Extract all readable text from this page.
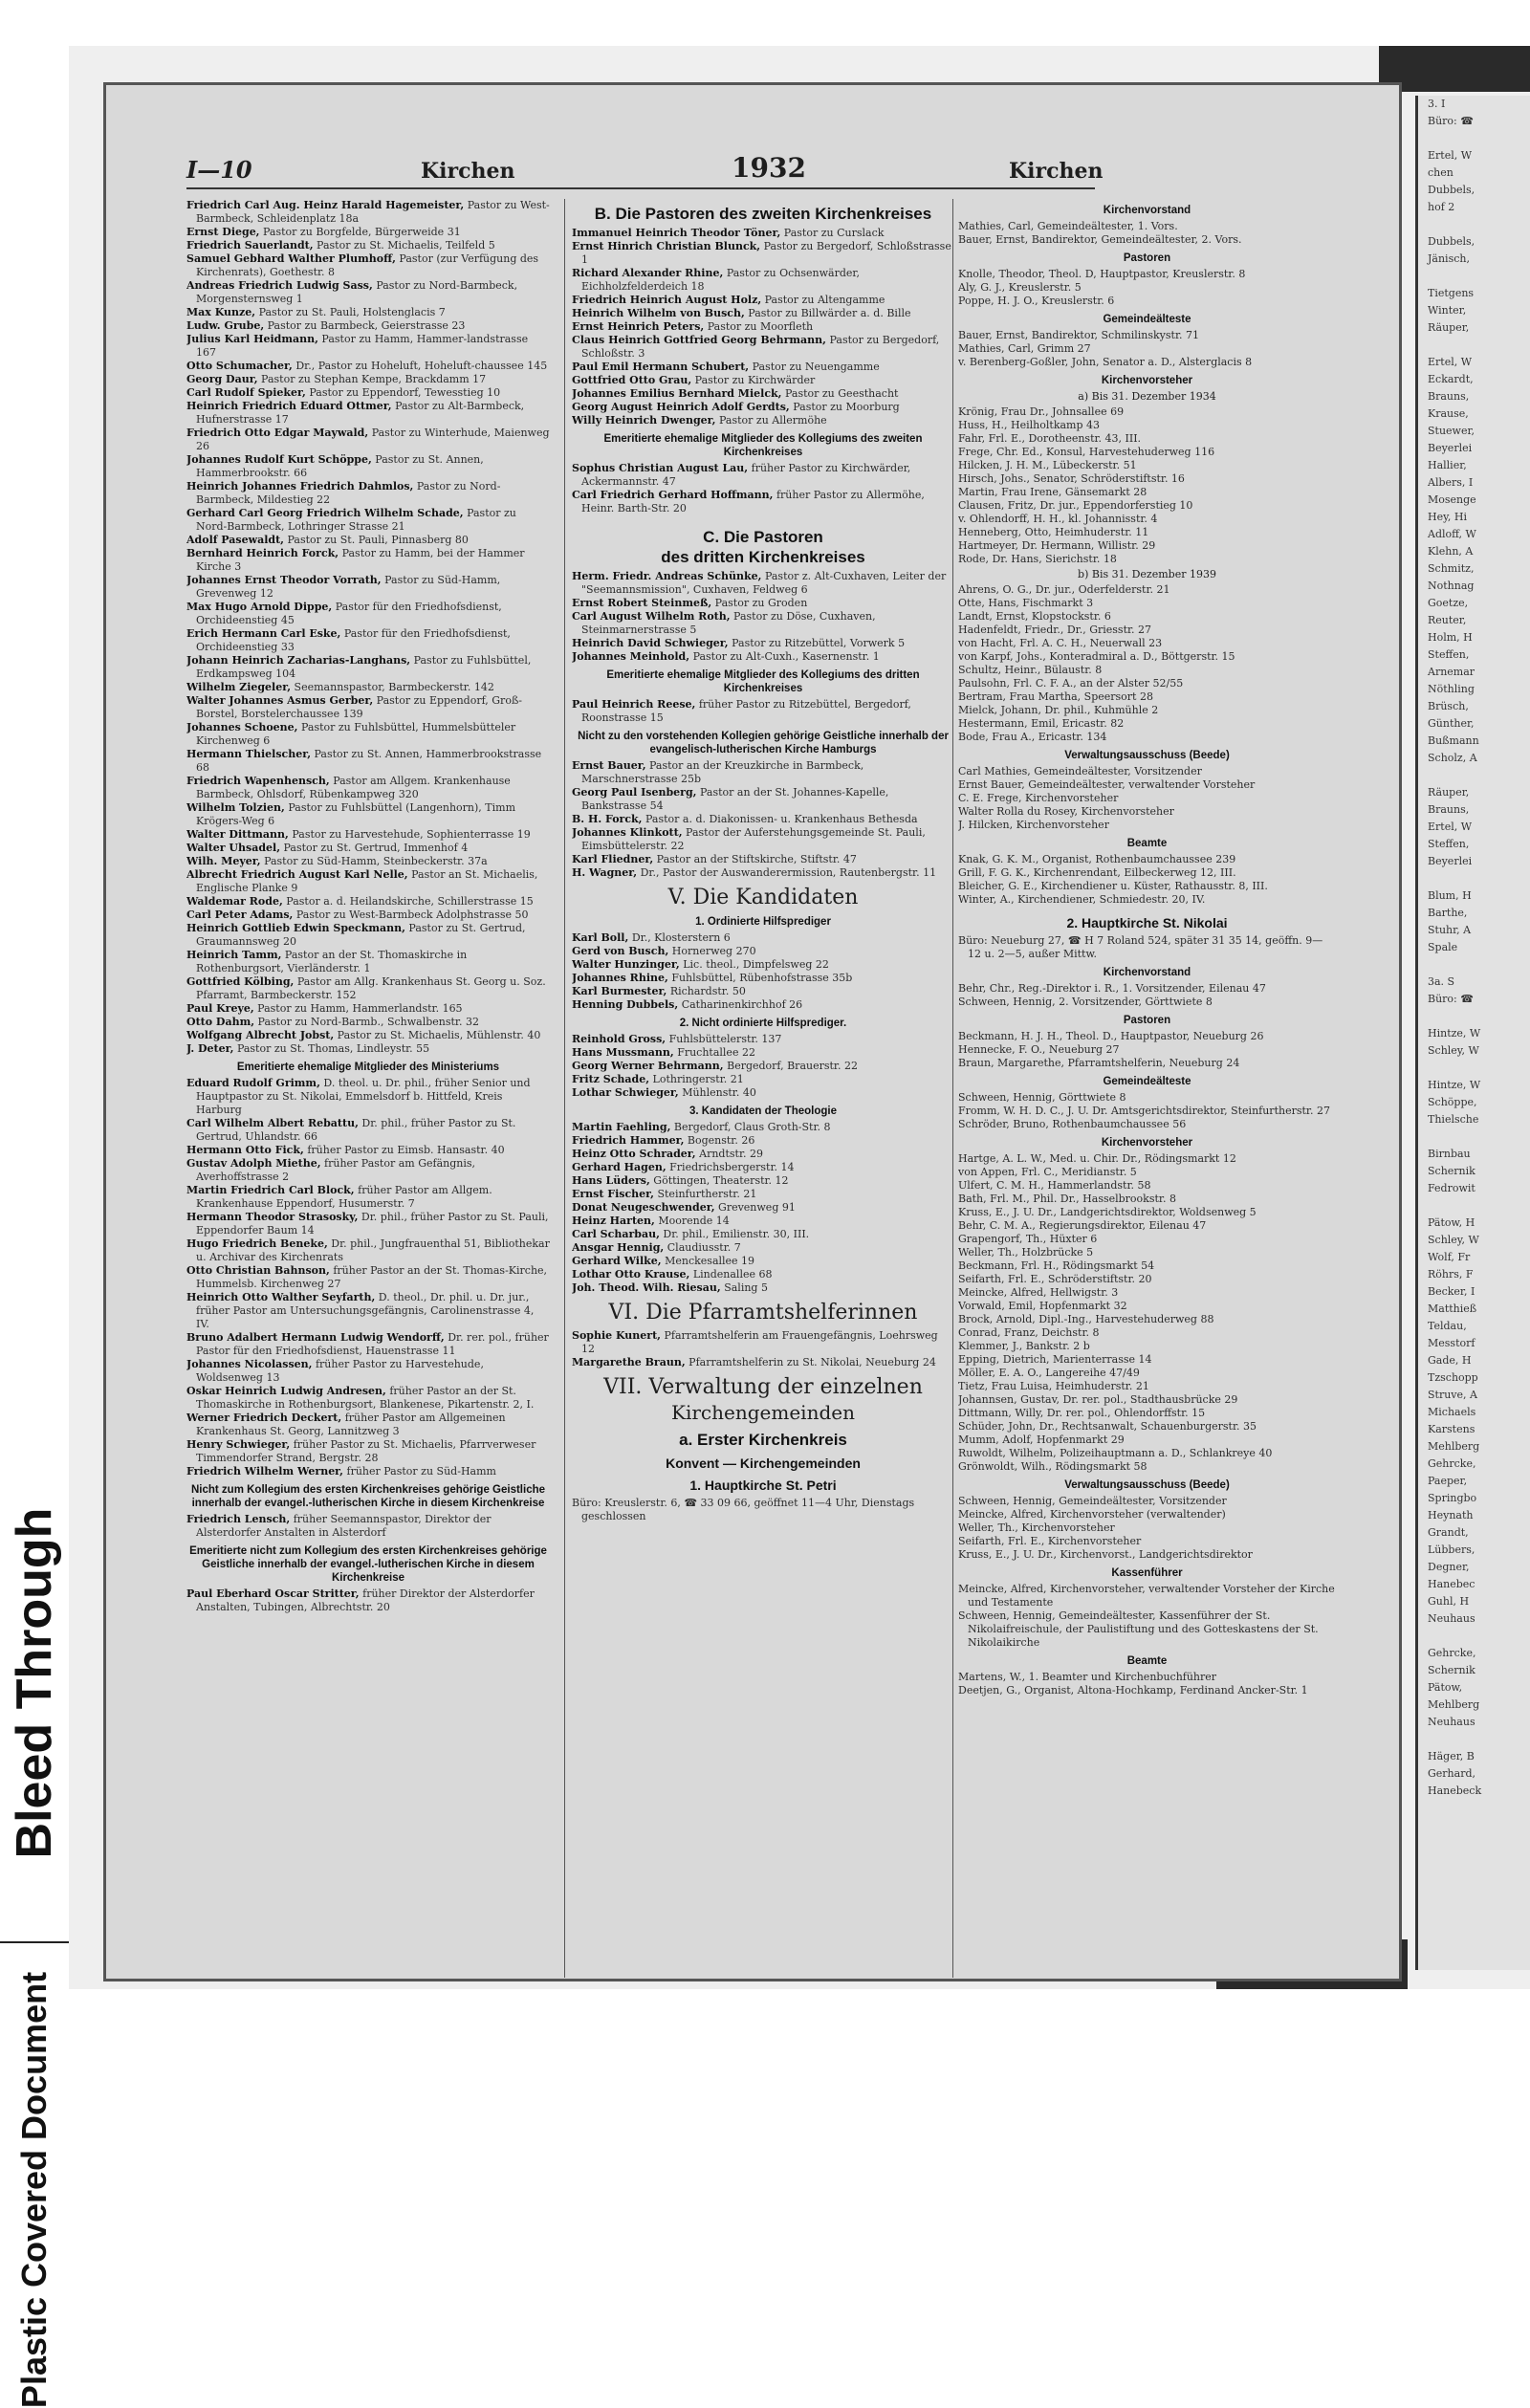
Bleed Through
Plastic Covered Document
3. I
Büro: ☎

Ertel, W
chen
Dubbels,
hof 2

Dubbels,
Jänisch,

Tietgens
Winter,
Räuper,

Ertel, W
Eckardt,
Brauns,
Krause,
Stuewer,
Beyerlei
Hallier,
Albers, I
Mosenge
Hey, Hi
Adloff, W
Klehn, A
Schmitz,
Nothnag
Goetze,
Reuter,
Holm, H
Steffen,
Arnemar
Nöthling
Brüsch,
Günther,
Bußmann
Scholz, A

Räuper,
Brauns,
Ertel, W
Steffen,
Beyerlei

Blum, H
Barthe,
Stuhr, A
Spale

3a. S
Büro: ☎

Hintze, W
Schley, W

Hintze, W
Schöppe,
Thielsche

Birnbau
Schernik
Fedrowit

Pätow, H
Schley, W
Wolf, Fr
Röhrs, F
Becker, I
Matthieß
Teldau,
Messtorf
Gade, H
Tzschopp
Struve, A
Michaels
Karstens
Mehlberg
Gehrcke,
Paeper,
Springbo
Heynath
Grandt,
Lübbers,
Degner,
Hanebec
Guhl, H
Neuhaus

Gehrcke,
Schernik
Pätow,
Mehlberg
Neuhaus

Häger, B
Gerhard,
Hanebeck
I—10	Kirchen	1932	Kirchen

Friedrich Carl Aug. Heinz Harald Hagemeister, Pastor zu West-Barmbeck, Schleidenplatz 18a

Ernst Diege, Pastor zu Borgfelde, Bürgerweide 31

Friedrich Sauerlandt, Pastor zu St. Michaelis, Teilfeld 5

Samuel Gebhard Walther Plumhoff, Pastor (zur Verfügung des Kirchenrats), Goethestr. 8

Andreas Friedrich Ludwig Sass, Pastor zu Nord-Barmbeck, Morgensternsweg 1

Max Kunze, Pastor zu St. Pauli, Holstenglacis 7

Ludw. Grube, Pastor zu Barmbeck, Geierstrasse 23

Julius Karl Heidmann, Pastor zu Hamm, Hammer-landstrasse 167

Otto Schumacher, Dr., Pastor zu Hoheluft, Hoheluft-chaussee 145

Georg Daur, Pastor zu Stephan Kempe, Brackdamm 17

Carl Rudolf Spieker, Pastor zu Eppendorf, Tewesstieg 10

Heinrich Friedrich Eduard Ottmer, Pastor zu Alt-Barmbeck, Hufnerstrasse 17

Friedrich Otto Edgar Maywald, Pastor zu Winterhude, Maienweg 26

Johannes Rudolf Kurt Schöppe, Pastor zu St. Annen, Hammerbrookstr. 66

Heinrich Johannes Friedrich Dahmlos, Pastor zu Nord-Barmbeck, Mildestieg 22

Gerhard Carl Georg Friedrich Wilhelm Schade, Pastor zu Nord-Barmbeck, Lothringer Strasse 21

Adolf Pasewaldt, Pastor zu St. Pauli, Pinnasberg 80

Bernhard Heinrich Forck, Pastor zu Hamm, bei der Hammer Kirche 3

Johannes Ernst Theodor Vorrath, Pastor zu Süd-Hamm, Grevenweg 12

Max Hugo Arnold Dippe, Pastor für den Friedhofsdienst, Orchideenstieg 45

Erich Hermann Carl Eske, Pastor für den Friedhofsdienst, Orchideenstieg 33

Johann Heinrich Zacharias-Langhans, Pastor zu Fuhlsbüttel, Erdkampsweg 104

Wilhelm Ziegeler, Seemannspastor, Barmbeckerstr. 142

Walter Johannes Asmus Gerber, Pastor zu Eppendorf, Groß-Borstel, Borstelerchaussee 139

Johannes Schoene, Pastor zu Fuhlsbüttel, Hummelsbütteler Kirchenweg 6

Hermann Thielscher, Pastor zu St. Annen, Hammerbrookstrasse 68

Friedrich Wapenhensch, Pastor am Allgem. Krankenhause Barmbeck, Ohlsdorf, Rübenkampweg 320

Wilhelm Tolzien, Pastor zu Fuhlsbüttel (Langenhorn), Timm Krögers-Weg 6

Walter Dittmann, Pastor zu Harvestehude, Sophienterrasse 19

Walter Uhsadel, Pastor zu St. Gertrud, Immenhof 4

Wilh. Meyer, Pastor zu Süd-Hamm, Steinbeckerstr. 37a

Albrecht Friedrich August Karl Nelle, Pastor an St. Michaelis, Englische Planke 9

Waldemar Rode, Pastor a. d. Heilandskirche, Schillerstrasse 15

Carl Peter Adams, Pastor zu West-Barmbeck Adolphstrasse 50

Heinrich Gottlieb Edwin Speckmann, Pastor zu St. Gertrud, Graumannsweg 20

Heinrich Tamm, Pastor an der St. Thomaskirche in Rothenburgsort, Vierländerstr. 1

Gottfried Kölbing, Pastor am Allg. Krankenhaus St. Georg u. Soz. Pfarramt, Barmbeckerstr. 152

Paul Kreye, Pastor zu Hamm, Hammerlandstr. 165

Otto Dahm, Pastor zu Nord-Barmb., Schwalbenstr. 32

Wolfgang Albrecht Jobst, Pastor zu St. Michaelis, Mühlenstr. 40

J. Deter, Pastor zu St. Thomas, Lindleystr. 55

Emeritierte ehemalige Mitglieder des Ministeriums

Eduard Rudolf Grimm, D. theol. u. Dr. phil., früher Senior und Hauptpastor zu St. Nikolai, Emmelsdorf b. Hittfeld, Kreis Harburg

Carl Wilhelm Albert Rebattu, Dr. phil., früher Pastor zu St. Gertrud, Uhlandstr. 66

Hermann Otto Fick, früher Pastor zu Eimsb. Hansastr. 40

Gustav Adolph Miethe, früher Pastor am Gefängnis, Averhoffstrasse 2

Martin Friedrich Carl Block, früher Pastor am Allgem. Krankenhause Eppendorf, Husumerstr. 7

Hermann Theodor Strasosky, Dr. phil., früher Pastor zu St. Pauli, Eppendorfer Baum 14

Hugo Friedrich Beneke, Dr. phil., Jungfrauenthal 51, Bibliothekar u. Archivar des Kirchenrats

Otto Christian Bahnson, früher Pastor an der St. Thomas-Kirche, Hummelsb. Kirchenweg 27

Heinrich Otto Walther Seyfarth, D. theol., Dr. phil. u. Dr. jur., früher Pastor am Untersuchungsgefängnis, Carolinenstrasse 4, IV.

Bruno Adalbert Hermann Ludwig Wendorff, Dr. rer. pol., früher Pastor für den Friedhofsdienst, Hauenstrasse 11

Johannes Nicolassen, früher Pastor zu Harvestehude, Woldsenweg 13

Oskar Heinrich Ludwig Andresen, früher Pastor an der St. Thomaskirche in Rothenburgsort, Blankenese, Pikartenstr. 2, I.

Werner Friedrich Deckert, früher Pastor am Allgemeinen Krankenhaus St. Georg, Lannitzweg 3

Henry Schwieger, früher Pastor zu St. Michaelis, Pfarrverweser Timmendorfer Strand, Bergstr. 28

Friedrich Wilhelm Werner, früher Pastor zu Süd-Hamm

Nicht zum Kollegium des ersten Kirchenkreises gehörige Geistliche innerhalb der evangel.-lutherischen Kirche in diesem Kirchenkreise

Friedrich Lensch, früher Seemannspastor, Direktor der Alsterdorfer Anstalten in Alsterdorf

Emeritierte nicht zum Kollegium des ersten Kirchenkreises gehörige Geistliche innerhalb der evangel.-lutherischen Kirche in diesem Kirchenkreise

Paul Eberhard Oscar Stritter, früher Direktor der Alsterdorfer Anstalten, Tubingen, Albrechtstr. 20

B. Die Pastoren des zweiten Kirchenkreises

Immanuel Heinrich Theodor Töner, Pastor zu Curslack

Ernst Hinrich Christian Blunck, Pastor zu Bergedorf, Schloßstrasse 1

Richard Alexander Rhine, Pastor zu Ochsenwärder, Eichholzfelderdeich 18

Friedrich Heinrich August Holz, Pastor zu Altengamme

Heinrich Wilhelm von Busch, Pastor zu Billwärder a. d. Bille

Ernst Heinrich Peters, Pastor zu Moorfleth

Claus Heinrich Gottfried Georg Behrmann, Pastor zu Bergedorf, Schloßstr. 3

Paul Emil Hermann Schubert, Pastor zu Neuengamme

Gottfried Otto Grau, Pastor zu Kirchwärder

Johannes Emilius Bernhard Mielck, Pastor zu Geesthacht

Georg August Heinrich Adolf Gerdts, Pastor zu Moorburg

Willy Heinrich Dwenger, Pastor zu Allermöhe

Emeritierte ehemalige Mitglieder des Kollegiums des zweiten Kirchenkreises

Sophus Christian August Lau, früher Pastor zu Kirchwärder, Ackermannstr. 47

Carl Friedrich Gerhard Hoffmann, früher Pastor zu Allermöhe, Heinr. Barth-Str. 20

C. Die Pastoren
des dritten Kirchenkreises

Herm. Friedr. Andreas Schünke, Pastor z. Alt-Cuxhaven, Leiter der "Seemannsmission", Cuxhaven, Feldweg 6

Ernst Robert Steinmeß, Pastor zu Groden

Carl August Wilhelm Roth, Pastor zu Döse, Cuxhaven, Steinmarnerstrasse 5

Heinrich David Schwieger, Pastor zu Ritzebüttel, Vorwerk 5

Johannes Meinhold, Pastor zu Alt-Cuxh., Kasernenstr. 1

Emeritierte ehemalige Mitglieder des Kollegiums des dritten Kirchenkreises

Paul Heinrich Reese, früher Pastor zu Ritzebüttel, Bergedorf, Roonstrasse 15

Nicht zu den vorstehenden Kollegien gehörige Geistliche innerhalb der evangelisch-lutherischen Kirche Hamburgs

Ernst Bauer, Pastor an der Kreuzkirche in Barmbeck, Marschnerstrasse 25b

Georg Paul Isenberg, Pastor an der St. Johannes-Kapelle, Bankstrasse 54

B. H. Forck, Pastor a. d. Diakonissen- u. Krankenhaus Bethesda

Johannes Klinkott, Pastor der Auferstehungsgemeinde St. Pauli, Eimsbüttelerstr. 22

Karl Fliedner, Pastor an der Stiftskirche, Stiftstr. 47

H. Wagner, Dr., Pastor der Auswanderermission, Rautenbergstr. 11

V. Die Kandidaten
1. Ordinierte Hilfsprediger

Karl Boll, Dr., Klosterstern 6

Gerd von Busch, Hornerweg 270

Walter Hunzinger, Lic. theol., Dimpfelsweg 22

Johannes Rhine, Fuhlsbüttel, Rübenhofstrasse 35b

Karl Burmester, Richardstr. 50

Henning Dubbels, Catharinenkirchhof 26

2. Nicht ordinierte Hilfsprediger.

Reinhold Gross, Fuhlsbüttelerstr. 137

Hans Mussmann, Fruchtallee 22

Georg Werner Behrmann, Bergedorf, Brauerstr. 22

Fritz Schade, Lothringerstr. 21

Lothar Schwieger, Mühlenstr. 40

3. Kandidaten der Theologie

Martin Faehling, Bergedorf, Claus Groth-Str. 8

Friedrich Hammer, Bogenstr. 26

Heinz Otto Schrader, Arndtstr. 29

Gerhard Hagen, Friedrichsbergerstr. 14

Hans Lüders, Göttingen, Theaterstr. 12

Ernst Fischer, Steinfurtherstr. 21

Donat Neugeschwender, Grevenweg 91

Heinz Harten, Moorende 14

Carl Scharbau, Dr. phil., Emilienstr. 30, III.

Ansgar Hennig, Claudiusstr. 7

Gerhard Wilke, Menckesallee 19

Lothar Otto Krause, Lindenallee 68

Joh. Theod. Wilh. Riesau, Saling 5

VI. Die Pfarramtshelferinnen

Sophie Kunert, Pfarramtshelferin am Frauengefängnis, Loehrsweg 12

Margarethe Braun, Pfarramtshelferin zu St. Nikolai, Neueburg 24

VII. Verwaltung der einzelnen
Kirchengemeinden
a. Erster Kirchenkreis
Konvent — Kirchengemeinden
1. Hauptkirche St. Petri

Büro: Kreuslerstr. 6, ☎ 33 09 66, geöffnet 11—4 Uhr, Dienstags geschlossen

Kirchenvorstand

Mathies, Carl, Gemeindeältester, 1. Vors.

Bauer, Ernst, Bandirektor, Gemeindeältester, 2. Vors.

Pastoren

Knolle, Theodor, Theol. D, Hauptpastor, Kreuslerstr. 8

Aly, G. J., Kreuslerstr. 5

Poppe, H. J. O., Kreuslerstr. 6

Gemeindeälteste

Bauer, Ernst, Bandirektor, Schmilinskystr. 71

Mathies, Carl, Grimm 27

v. Berenberg-Goßler, John, Senator a. D., Alsterglacis 8

Kirchenvorsteher
a) Bis 31. Dezember 1934

Krönig, Frau Dr., Johnsallee 69

Huss, H., Heilholtkamp 43

Fahr, Frl. E., Dorotheenstr. 43, III.

Frege, Chr. Ed., Konsul, Harvestehuderweg 116

Hilcken, J. H. M., Lübeckerstr. 51

Hirsch, Johs., Senator, Schröderstiftstr. 16

Martin, Frau Irene, Gänsemarkt 28

Clausen, Fritz, Dr. jur., Eppendorferstieg 10

v. Ohlendorff, H. H., kl. Johannisstr. 4

Henneberg, Otto, Heimhuderstr. 11

Hartmeyer, Dr. Hermann, Willistr. 29

Rode, Dr. Hans, Sierichstr. 18

b) Bis 31. Dezember 1939

Ahrens, O. G., Dr. jur., Oderfelderstr. 21

Otte, Hans, Fischmarkt 3

Landt, Ernst, Klopstockstr. 6

Hadenfeldt, Friedr., Dr., Griesstr. 27

von Hacht, Frl. A. C. H., Neuerwall 23

von Karpf, Johs., Konteradmiral a. D., Böttgerstr. 15

Schultz, Heinr., Bülaustr. 8

Paulsohn, Frl. C. F. A., an der Alster 52/55

Bertram, Frau Martha, Speersort 28

Mielck, Johann, Dr. phil., Kuhmühle 2

Hestermann, Emil, Ericastr. 82

Bode, Frau A., Ericastr. 134

Verwaltungsausschuss (Beede)

Carl Mathies, Gemeindeältester, Vorsitzender

Ernst Bauer, Gemeindeältester, verwaltender Vorsteher

C. E. Frege, Kirchenvorsteher

Walter Rolla du Rosey, Kirchenvorsteher

J. Hilcken, Kirchenvorsteher

Beamte

Knak, G. K. M., Organist, Rothenbaumchaussee 239

Grill, F. G. K., Kirchenrendant, Eilbeckerweg 12, III.

Bleicher, G. E., Kirchendiener u. Küster, Rathausstr. 8, III.

Winter, A., Kirchendiener, Schmiedestr. 20, IV.

2. Hauptkirche St. Nikolai

Büro: Neueburg 27, ☎ H 7 Roland 524, später 31 35 14, geöffn. 9—12 u. 2—5, außer Mittw.

Kirchenvorstand

Behr, Chr., Reg.-Direktor i. R., 1. Vorsitzender, Eilenau 47

Schween, Hennig, 2. Vorsitzender, Görttwiete 8

Pastoren

Beckmann, H. J. H., Theol. D., Hauptpastor, Neueburg 26

Hennecke, F. O., Neueburg 27

Braun, Margarethe, Pfarramtshelferin, Neueburg 24

Gemeindeälteste

Schween, Hennig, Görttwiete 8

Fromm, W. H. D. C., J. U. Dr. Amtsgerichtsdirektor, Steinfurtherstr. 27

Schröder, Bruno, Rothenbaumchaussee 56

Kirchenvorsteher

Hartge, A. L. W., Med. u. Chir. Dr., Rödingsmarkt 12

von Appen, Frl. C., Meridianstr. 5

Ulfert, C. M. H., Hammerlandstr. 58

Bath, Frl. M., Phil. Dr., Hasselbrookstr. 8

Kruss, E., J. U. Dr., Landgerichtsdirektor, Woldsenweg 5

Behr, C. M. A., Regierungsdirektor, Eilenau 47

Grapengorf, Th., Hüxter 6

Weller, Th., Holzbrücke 5

Beckmann, Frl. H., Rödingsmarkt 54

Seifarth, Frl. E., Schröderstiftstr. 20

Meincke, Alfred, Hellwigstr. 3

Vorwald, Emil, Hopfenmarkt 32

Brock, Arnold, Dipl.-Ing., Harvestehuderweg 88

Conrad, Franz, Deichstr. 8

Klemmer, J., Bankstr. 2 b

Epping, Dietrich, Marienterrasse 14

Möller, E. A. O., Langereihe 47/49

Tietz, Frau Luisa, Heimhuderstr. 21

Johannsen, Gustav, Dr. rer. pol., Stadthausbrücke 29

Dittmann, Willy, Dr. rer. pol., Ohlendorffstr. 15

Schüder, John, Dr., Rechtsanwalt, Schauenburgerstr. 35

Mumm, Adolf, Hopfenmarkt 29

Ruwoldt, Wilhelm, Polizeihauptmann a. D., Schlankreye 40

Grönwoldt, Wilh., Rödingsmarkt 58

Verwaltungsausschuss (Beede)

Schween, Hennig, Gemeindeältester, Vorsitzender

Meincke, Alfred, Kirchenvorsteher (verwaltender)

Weller, Th., Kirchenvorsteher

Seifarth, Frl. E., Kirchenvorsteher

Kruss, E., J. U. Dr., Kirchenvorst., Landgerichtsdirektor

Kassenführer

Meincke, Alfred, Kirchenvorsteher, verwaltender Vorsteher der Kirche und Testamente

Schween, Hennig, Gemeindeältester, Kassenführer der St. Nikolaifreischule, der Paulistiftung und des Gotteskastens der St. Nikolaikirche

Beamte

Martens, W., 1. Beamter und Kirchenbuchführer

Deetjen, G., Organist, Altona-Hochkamp, Ferdinand Ancker-Str. 1
